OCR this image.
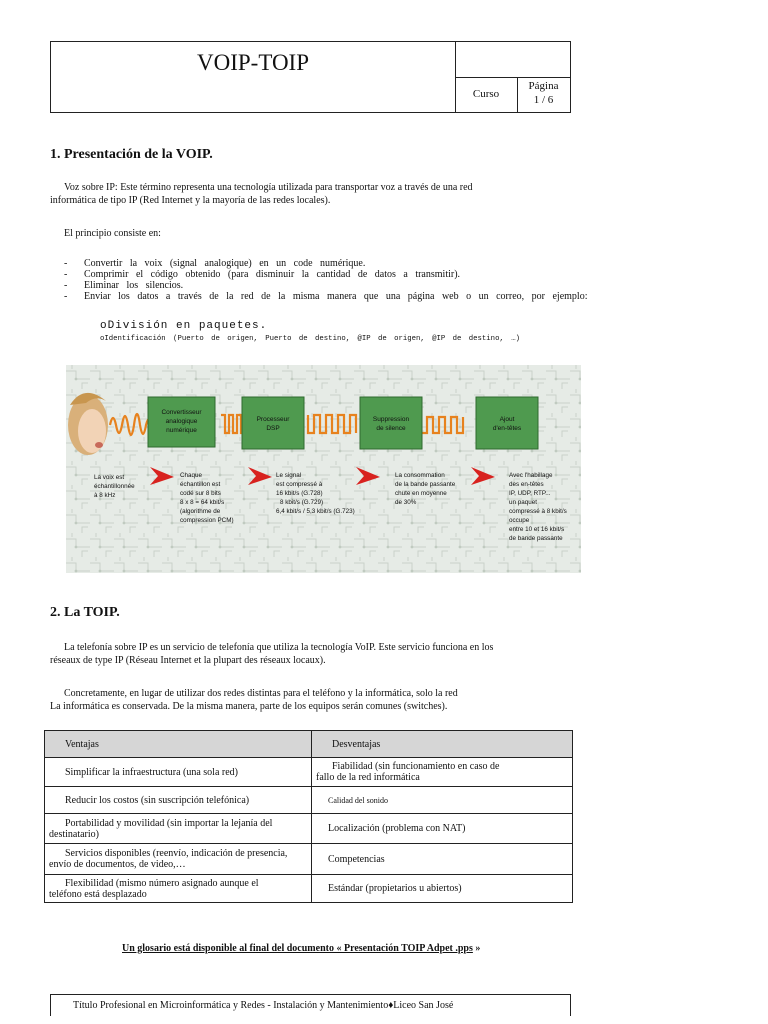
VOIP-TOIP
Curso
Página
1 / 6
1. Presentación de la VOIP.

Voz sobre IP: Este término representa una tecnología utilizada para transportar voz a través de una red

informática de tipo IP (Red Internet y la mayoría de las redes locales).

El principio consiste en:

- Convertir   la   voix   (signal   analogique)   en   un   code   numérique.
- Comprimir   el   código   obtenido   (para   disminuir   la   cantidad   de   datos   a   transmitir).
- Eliminar   los   silencios.
- Enviar   los   datos   a   través   de   la   red   de   la   misma   manera   que   una   página   web   o   un   correo,   por   ejemplo:
oDivisión en paquetes.
oIdentificación (Puerto de origen, Puerto de destino, @IP de origen, @IP de destino, …)
Convertisseur
analogique
numérique
Processeur
DSP
Suppression
de silence
Ajout
d'en-têtes
La voix est
échantillonnée
à 8 kHz
Chaque
échantillon est
codé sur 8 bits
8 x 8 = 64 kbit/s
(algorithme de
compression PCM)
Le signal
est compressé à
16 kbit/s (G.728)
8 kbit/s (G.729)
6,4 kbit/s / 5,3 kbit/s (G.723)
La consommation
de la bande passante
chute en moyenne
de 30%
Avec l'habillage
des en-têtes
IP, UDP, RTP...
un paquet
compressé à 8 kbit/s
occupe
entre 10 et 16 kbit/s
de bande passante
2. La TOIP.

La telefonía sobre IP es un servicio de telefonía que utiliza la tecnología VoIP. Este servicio funciona en los

réseaux de type IP (Réseau Internet et la plupart des réseaux locaux).

Concretamente, en lugar de utilizar dos redes distintas para el teléfono y la informática, solo la red

La informática es conservada. De la misma manera, parte de los equipos serán comunes (switches).

Ventajas	Desventajas

Simplificar la infraestructura (una sola red)	Fiabilidad (sin funcionamiento en caso de
fallo de la red informática

Reducir los costos (sin suscripción telefónica)	Calidad del sonido

Portabilidad y movilidad (sin importar la lejanía del
destinatario)	Localización (problema con NAT)

Servicios disponibles (reenvío, indicación de presencia,
envío de documentos, de video,…	Competencias

Flexibilidad (mismo número asignado aunque el
teléfono está desplazado	Estándar (propietarios u abiertos)
Un glosario está disponible al final del documento « Presentación TOIP Adpet .pps »
Título Profesional en Microinformática y Redes - Instalación y Mantenimiento♦Liceo San José
